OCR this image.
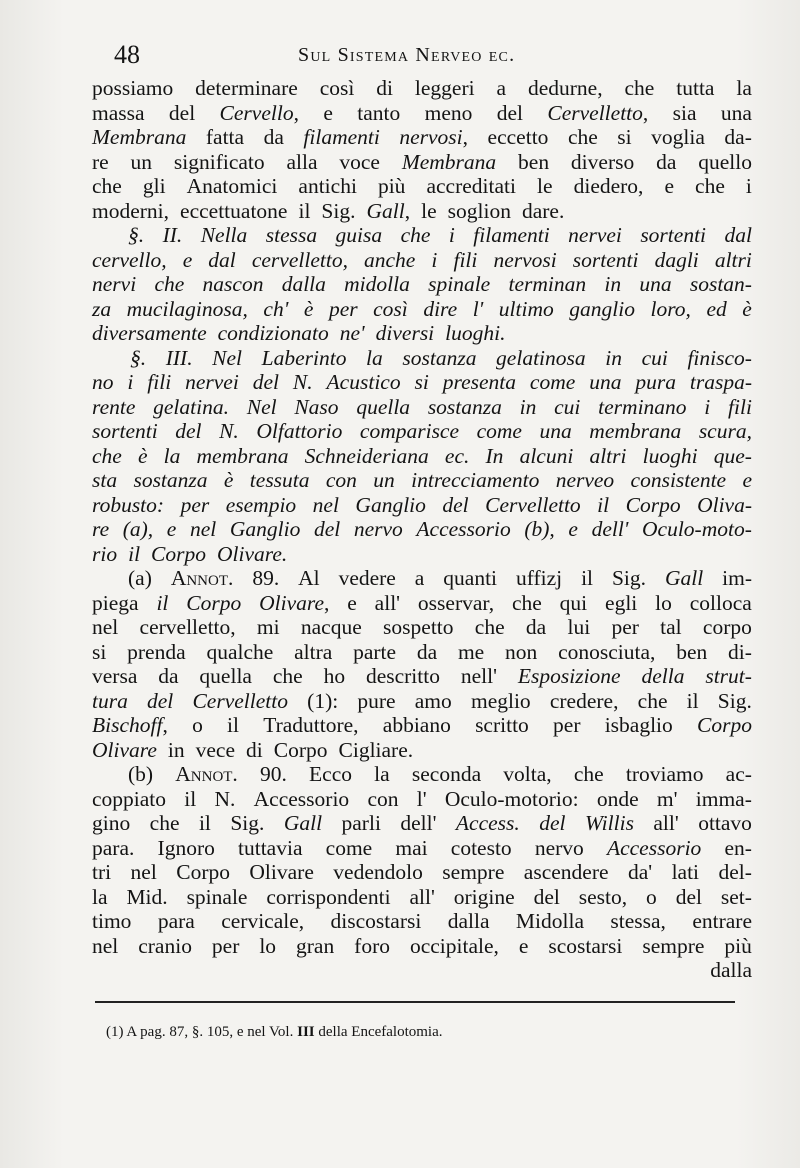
48	Sul Sistema Nerveo ec.
possiamo determinare così di leggeri a dedurne, che tutta la
massa del Cervello, e tanto meno del Cervelletto, sia una
Membrana fatta da filamenti nervosi, eccetto che si voglia da-
re un significato alla voce Membrana ben diverso da quello
che gli Anatomici antichi più accreditati le diedero, e che i
moderni, eccettuatone il Sig. Gall, le soglion dare.
§. II. Nella stessa guisa che i filamenti nervei sortenti dal
cervello, e dal cervelletto, anche i fili nervosi sortenti dagli altri
nervi che nascon dalla midolla spinale terminan in una sostan-
za mucilaginosa, ch' è per così dire l' ultimo ganglio loro, ed è
diversamente condizionato ne' diversi luoghi.
§. III. Nel Laberinto la sostanza gelatinosa in cui finisco-
no i fili nervei del N. Acustico si presenta come una pura traspa-
rente gelatina. Nel Naso quella sostanza in cui terminano i fili
sortenti del N. Olfattorio comparisce come una membrana scura,
che è la membrana Schneideriana ec. In alcuni altri luoghi que-
sta sostanza è tessuta con un intrecciamento nerveo consistente e
robusto: per esempio nel Ganglio del Cervelletto il Corpo Oliva-
re (a), e nel Ganglio del nervo Accessorio (b), e dell' Oculo-moto-
rio il Corpo Olivare.
(a) Annot. 89. Al vedere a quanti uffizj il Sig. Gall im-
piega il Corpo Olivare, e all' osservar, che qui egli lo colloca
nel cervelletto, mi nacque sospetto che da lui per tal corpo
si prenda qualche altra parte da me non conosciuta, ben di-
versa da quella che ho descritto nell' Esposizione della strut-
tura del Cervelletto (1): pure amo meglio credere, che il Sig.
Bischoff, o il Traduttore, abbiano scritto per isbaglio Corpo
Olivare in vece di Corpo Cigliare.
(b) Annot. 90. Ecco la seconda volta, che troviamo ac-
coppiato il N. Accessorio con l' Oculo-motorio: onde m' imma-
gino che il Sig. Gall parli dell' Access. del Willis all' ottavo
para. Ignoro tuttavia come mai cotesto nervo Accessorio en-
tri nel Corpo Olivare vedendolo sempre ascendere da' lati del-
la Mid. spinale corrispondenti all' origine del sesto, o del set-
timo para cervicale, discostarsi dalla Midolla stessa, entrare
nel cranio per lo gran foro occipitale, e scostarsi sempre più
dalla
(1) A pag. 87, §. 105, e nel Vol. III della Encefalotomia.
